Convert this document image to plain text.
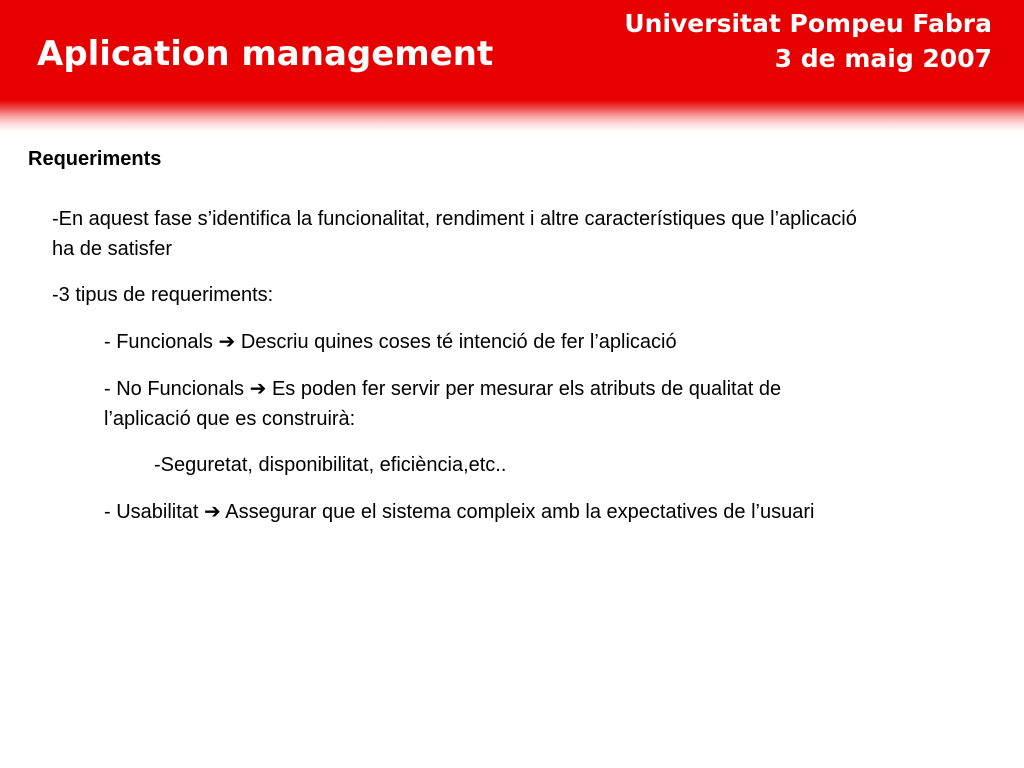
Aplication management
Universitat Pompeu Fabra
3 de maig 2007
Requeriments

-En aquest fase s’identifica la funcionalitat, rendiment i altre característiques que l’aplicació ha de satisfer

-3 tipus de requeriments:

- Funcionals ➔ Descriu quines coses té intenció de fer l’aplicació

- No Funcionals ➔ Es poden fer servir per mesurar els atributs de qualitat de l’aplicació que es construirà:

-Seguretat, disponibilitat, eficiència,etc..

- Usabilitat ➔ Assegurar que el sistema compleix amb la expectatives de l’usuari
